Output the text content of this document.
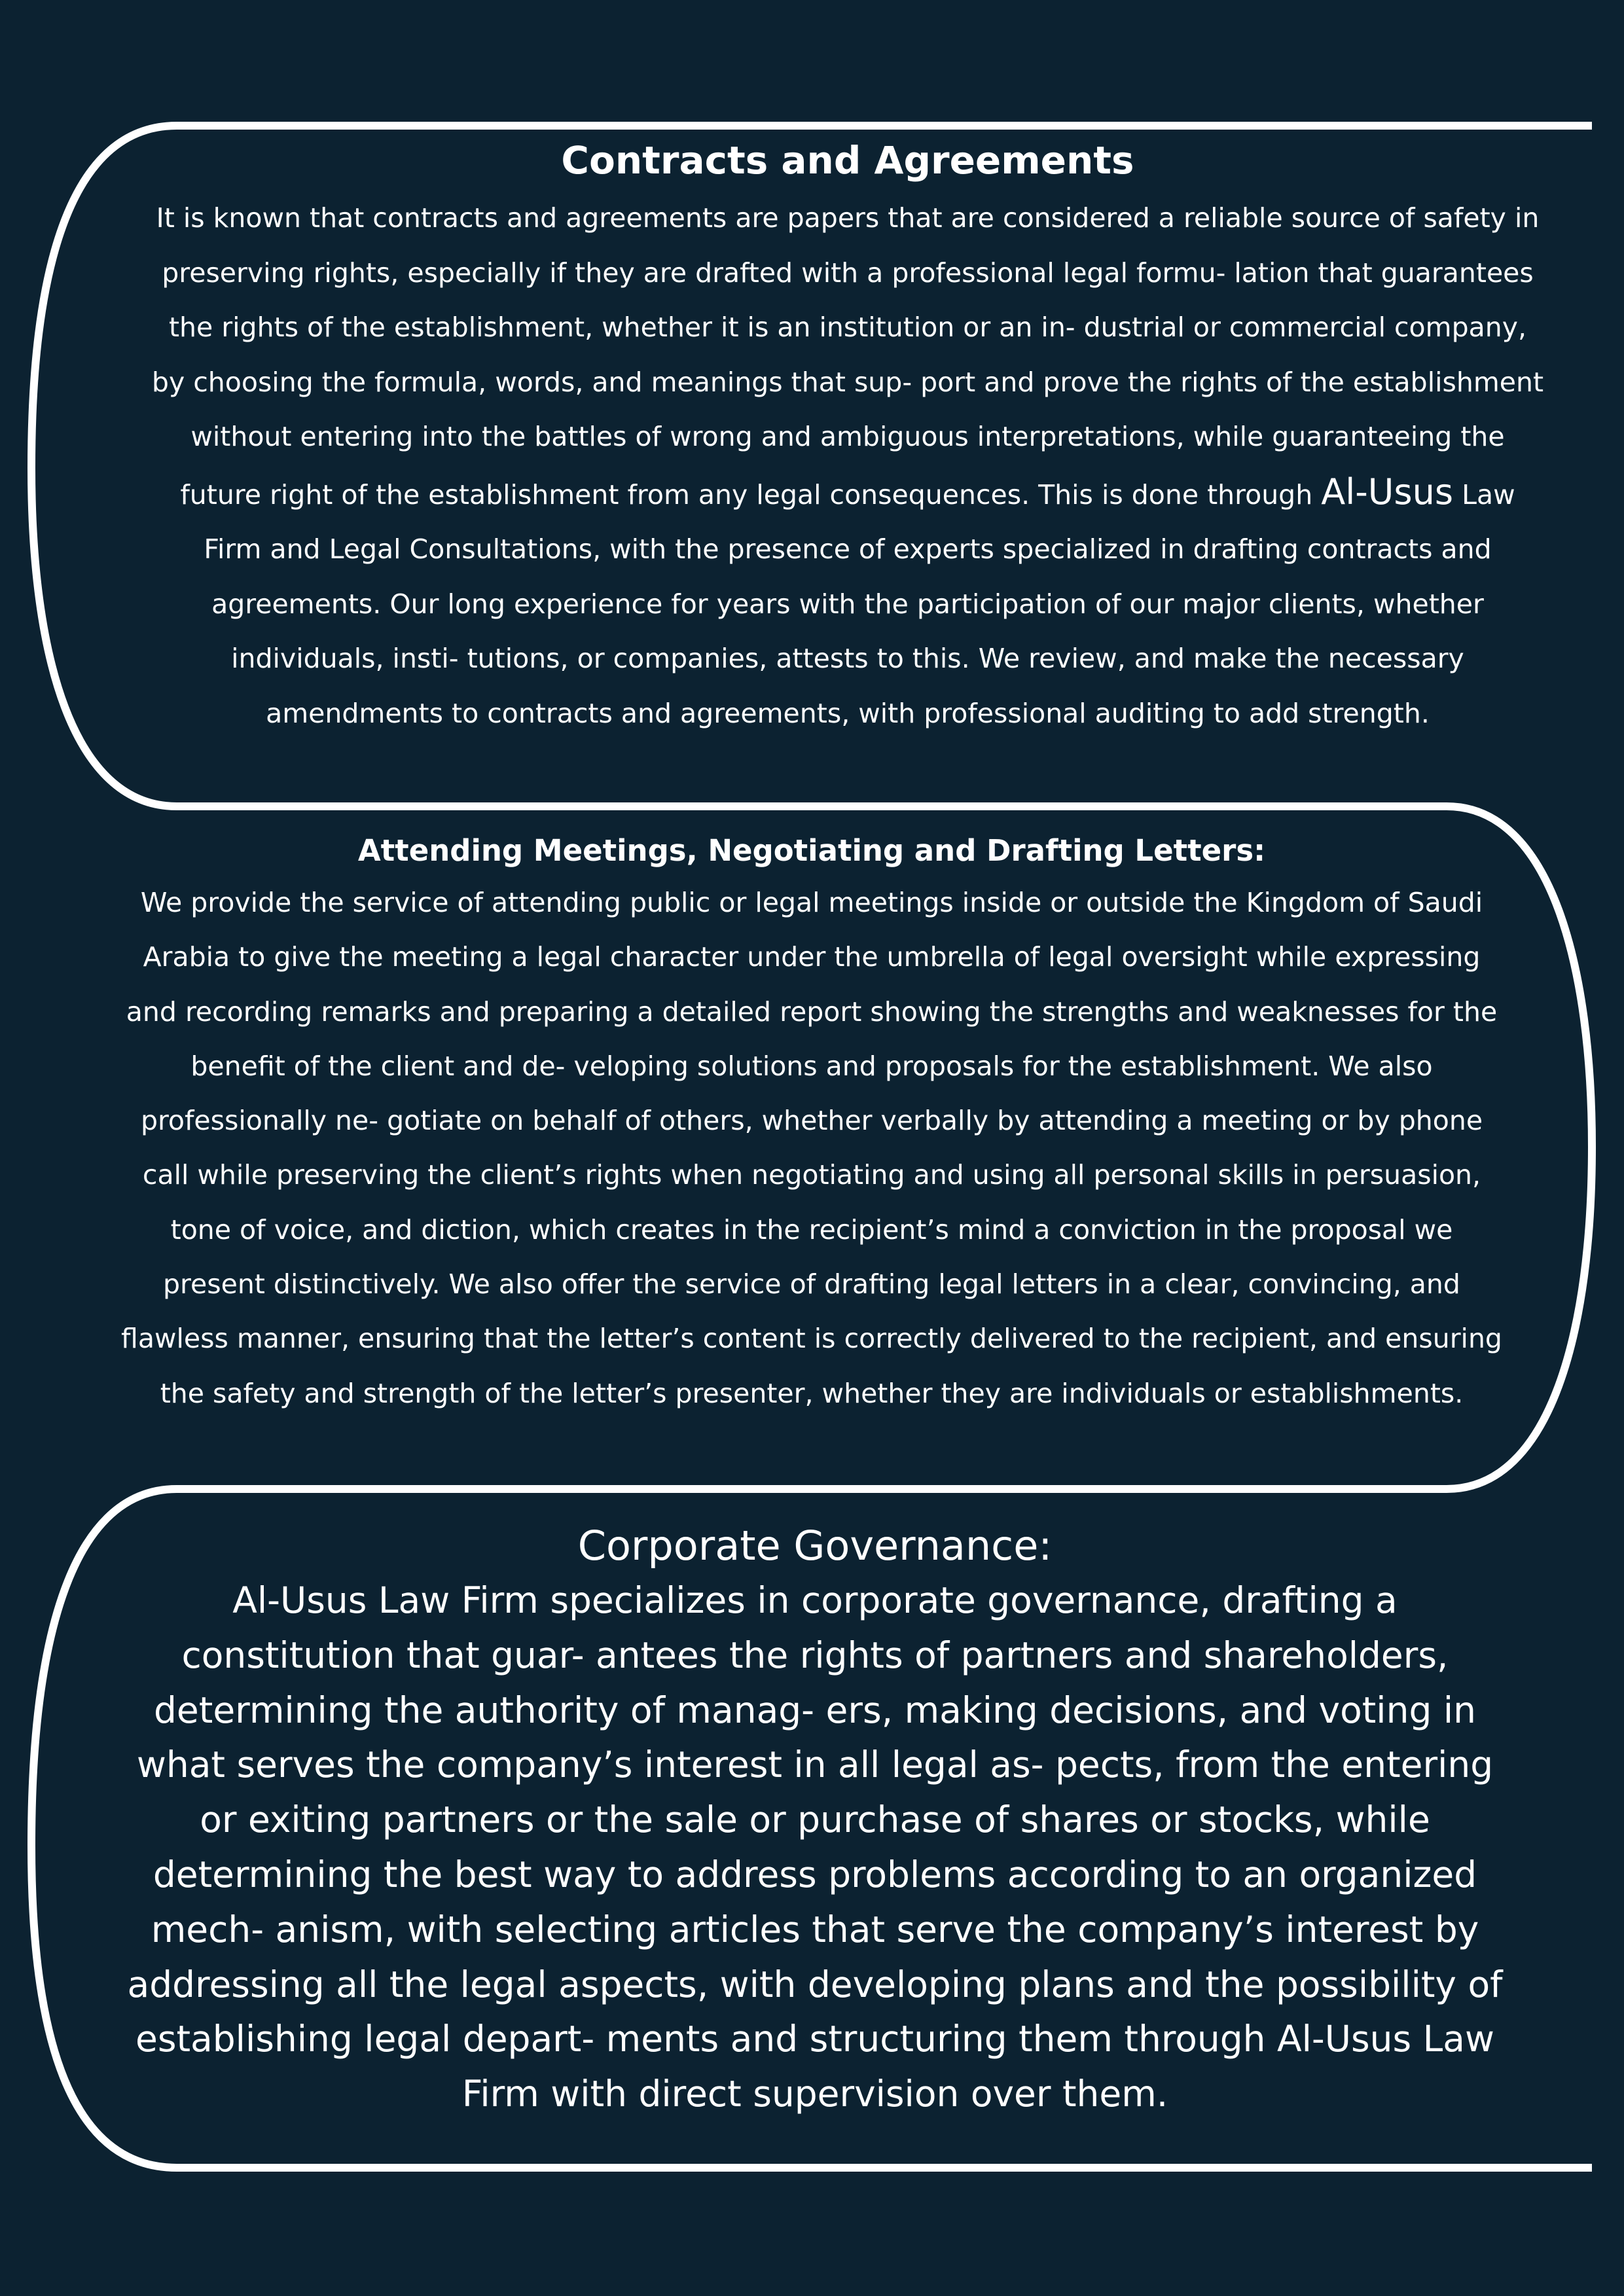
Contracts and Agreements

It is known that contracts and agreements are papers that are considered a reliable source of safety in preserving rights, especially if they are drafted with a professional legal formu- lation that guarantees the rights of the establishment, whether it is an institution or an in- dustrial or commercial company, by choosing the formula, words, and meanings that sup- port and prove the rights of the establishment without entering into the battles of wrong and ambiguous interpretations, while guaranteeing the future right of the establishment from any legal consequences. This is done through Al-Usus Law Firm and Legal Consultations, with the presence of experts specialized in drafting contracts and agreements. Our long experience for years with the participation of our major clients, whether individuals, insti- tutions, or companies, attests to this. We review, and make the necessary amendments to contracts and agreements, with professional auditing to add strength.

Attending Meetings, Negotiating and Drafting Letters:

We provide the service of attending public or legal meetings inside or outside the Kingdom of Saudi Arabia to give the meeting a legal character under the umbrella of legal oversight while expressing and recording remarks and preparing a detailed report showing the strengths and weaknesses for the benefit of the client and de- veloping solutions and proposals for the establishment. We also professionally ne- gotiate on behalf of others, whether verbally by attending a meeting or by phone call while preserving the client’s rights when negotiating and using all personal skills in persuasion, tone of voice, and diction, which creates in the recipient’s mind a conviction in the proposal we present distinctively. We also offer the service of drafting legal letters in a clear, convincing, and flawless manner, ensuring that the letter’s content is correctly delivered to the recipient, and ensuring the safety and strength of the letter’s presenter, whether they are individuals or establishments.

Corporate Governance:

Al-Usus Law Firm specializes in corporate governance, drafting a constitution that guar- antees the rights of partners and shareholders, determining the authority of manag- ers, making decisions, and voting in what serves the company’s interest in all legal as- pects, from the entering or exiting partners or the sale or purchase of shares or stocks, while determining the best way to address problems according to an organized mech- anism, with selecting articles that serve the company’s interest by addressing all the legal aspects, with developing plans and the possibility of establishing legal depart- ments and structuring them through Al-Usus Law Firm with direct supervision over them.
